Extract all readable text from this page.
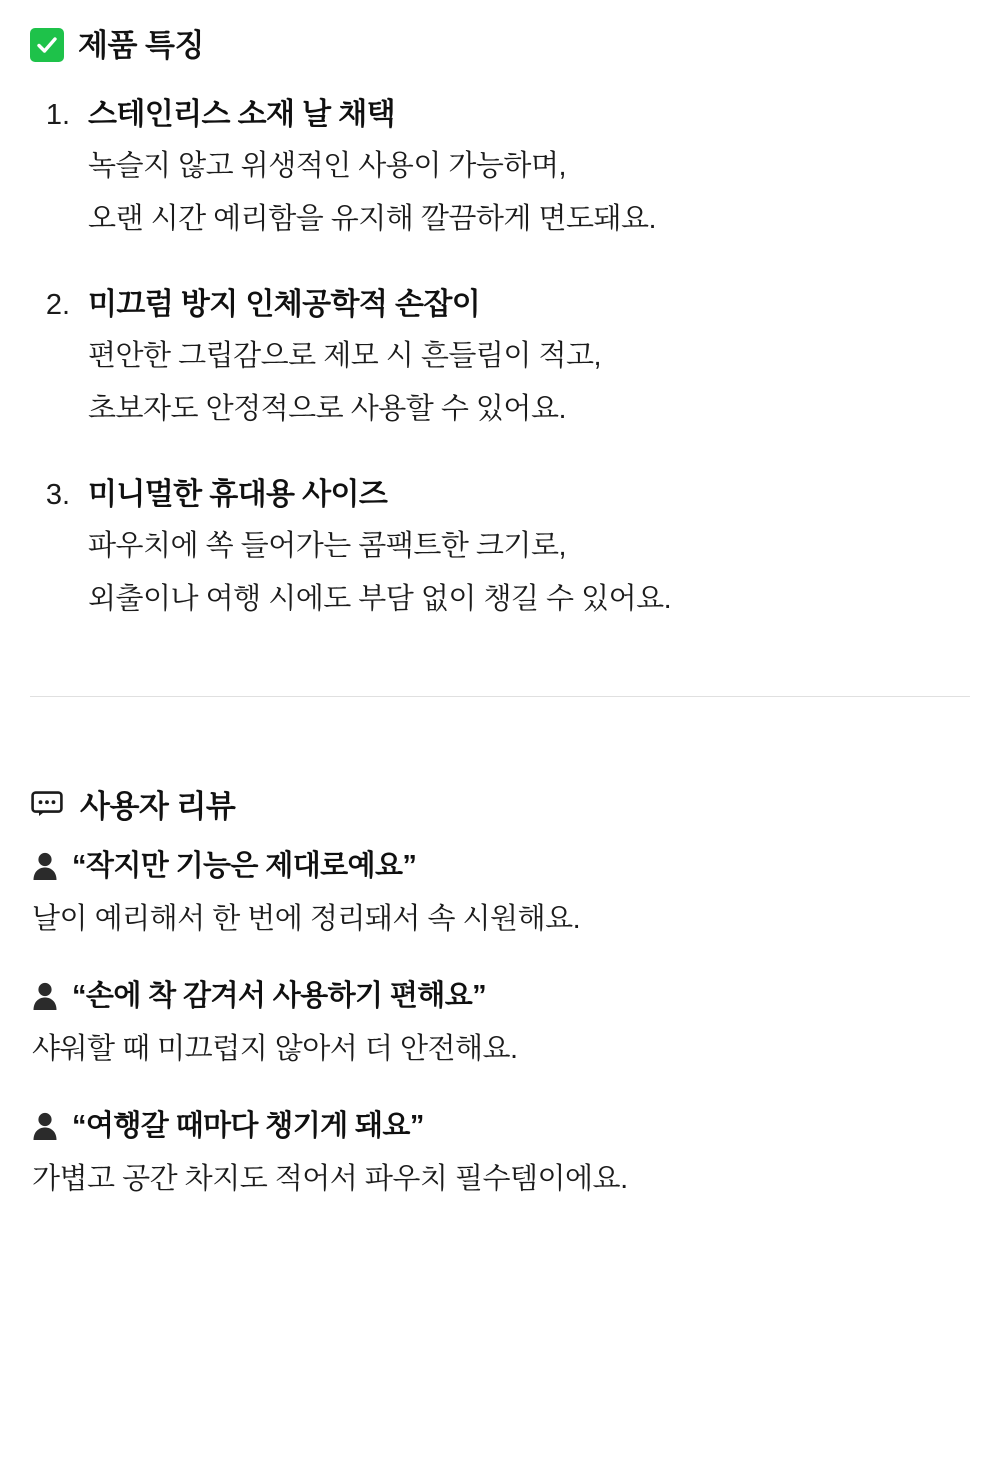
제품 특징
1. 스테인리스 소재 날 채택
녹슬지 않고 위생적인 사용이 가능하며,
오랜 시간 예리함을 유지해 깔끔하게 면도돼요.
2. 미끄럼 방지 인체공학적 손잡이
편안한 그립감으로 제모 시 흔들림이 적고,
초보자도 안정적으로 사용할 수 있어요.
3. 미니멀한 휴대용 사이즈
파우치에 쏙 들어가는 콤팩트한 크기로,
외출이나 여행 시에도 부담 없이 챙길 수 있어요.
사용자 리뷰
“작지만 기능은 제대로예요”
날이 예리해서 한 번에 정리돼서 속 시원해요.
“손에 착 감겨서 사용하기 편해요”
샤워할 때 미끄럽지 않아서 더 안전해요.
“여행갈 때마다 챙기게 돼요”
가볍고 공간 차지도 적어서 파우치 필수템이에요.
